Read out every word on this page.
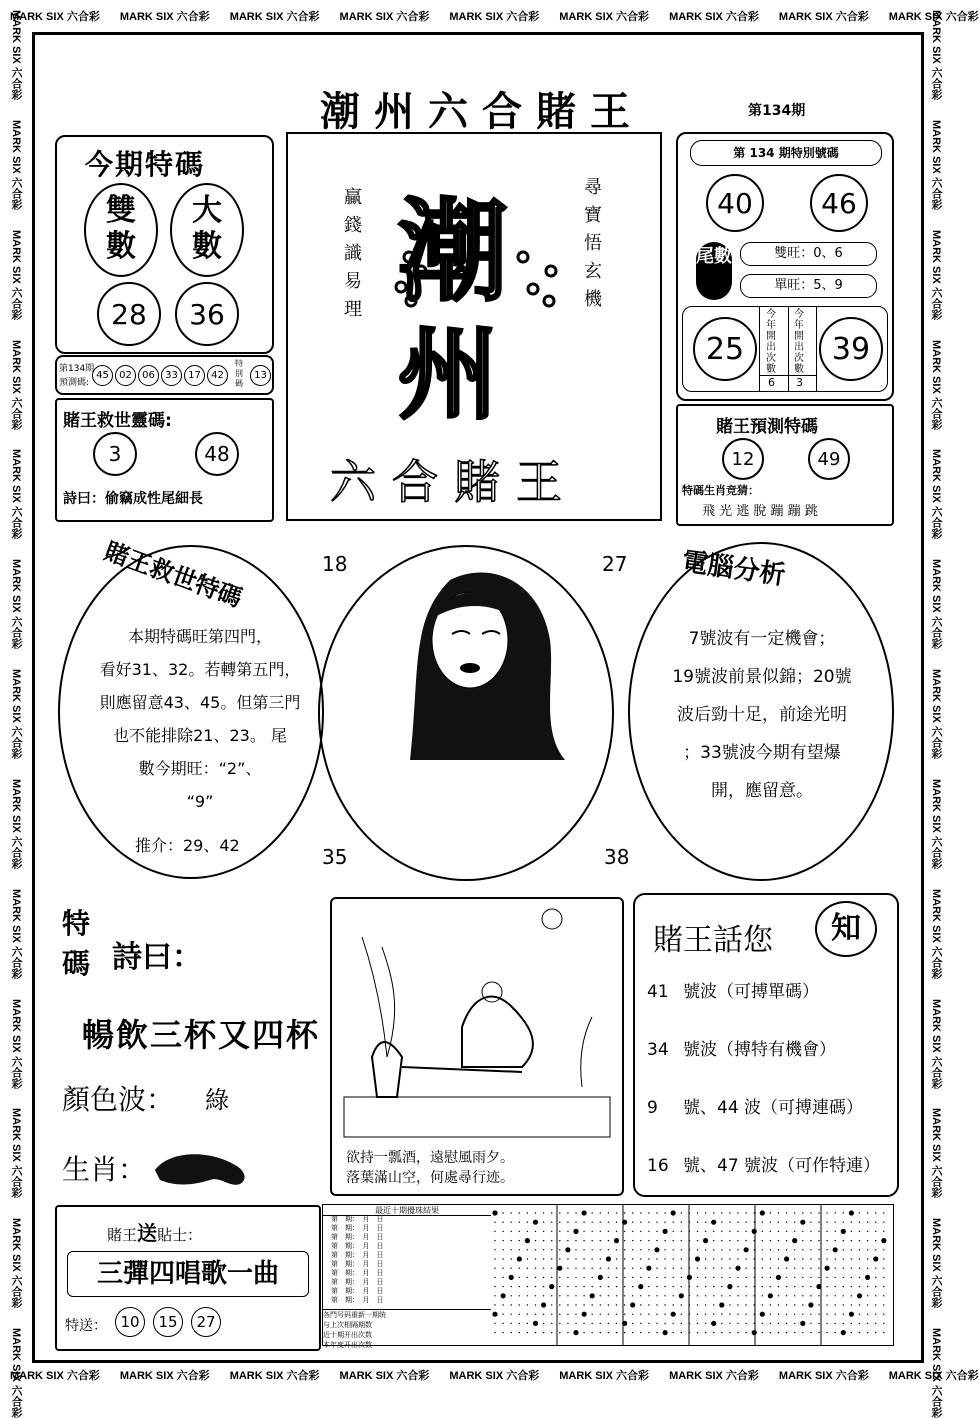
MARK SIX 六合彩 MARK SIX 六合彩 MARK SIX 六合彩 MARK SIX 六合彩 MARK SIX 六合彩 MARK SIX 六合彩 MARK SIX 六合彩 MARK SIX 六合彩 MARK SIX 六合彩
MARK SIX 六合彩 MARK SIX 六合彩 MARK SIX 六合彩 MARK SIX 六合彩 MARK SIX 六合彩 MARK SIX 六合彩 MARK SIX 六合彩 MARK SIX 六合彩 MARK SIX 六合彩
MARK SIX 六合彩
MARK SIX 六合彩
MARK SIX 六合彩
MARK SIX 六合彩
MARK SIX 六合彩
MARK SIX 六合彩
MARK SIX 六合彩
MARK SIX 六合彩
MARK SIX 六合彩
MARK SIX 六合彩
MARK SIX 六合彩
MARK SIX 六合彩
MARK SIX 六合彩
MARK SIX 六合彩
MARK SIX 六合彩
MARK SIX 六合彩
MARK SIX 六合彩
MARK SIX 六合彩
MARK SIX 六合彩
MARK SIX 六合彩
MARK SIX 六合彩
MARK SIX 六合彩
MARK SIX 六合彩
MARK SIX 六合彩
MARK SIX 六合彩
MARK SIX 六合彩
潮州六合賭王	第134期
今期特碼
雙數
大數
28	36
第134期
預測碼:
45	02	06	33	17	42
特別碼
13
賭王救世靈碼:
3	48
詩曰：偷竊成性尾細長
潮
州
贏錢識易理
尋寶悟玄機
六合賭王
第 134 期特別號碼
40	46
尾數	雙旺：0、6
單旺：5、9
25	39
今年開出次數
今年開出次數
6 3
賭王預測特碼
12	49
特碼生肖竞猜：
飛 光 逃 脫 蹦 蹦 跳
賭王救世特碼
本期特碼旺第四門，
看好31、32。若轉第五門，
則應留意43、45。但第三門
也不能排除21、23。 尾
數今期旺：“2”、
“9”
推介：29、42
18	27
35	38
電腦分析
7號波有一定機會；
19號波前景似錦；20號
波后勁十足，前途光明
；33號波今期有望爆
開，應留意。
特
碼 詩曰：
暢飲三杯又四杯
顏色波： 綠
生肖：	欲持一瓢酒，遠慰風雨夕。
落葉滿山空，何處尋行迹。
賭王話您	知
41 號波（可搏單碼）
34 號波（搏特有機會）
9 號、44 波（可搏連碼）
16 號、47 號波（可作特連）
賭王送貼士：
三彈四唱歌一曲
特送： 10	15	27
最近十期攪珠結果
第　期：　月　日
第　期：　月　日
第　期：　月　日
第　期：　月　日
第　期：　月　日
第　期：　月　日
第　期：　月　日
第　期：　月　日
第　期：　月　日
第　期：　月　日
各門号码重新一期统
与上次相隔期数
近十期开出次数
本年度开出次数
